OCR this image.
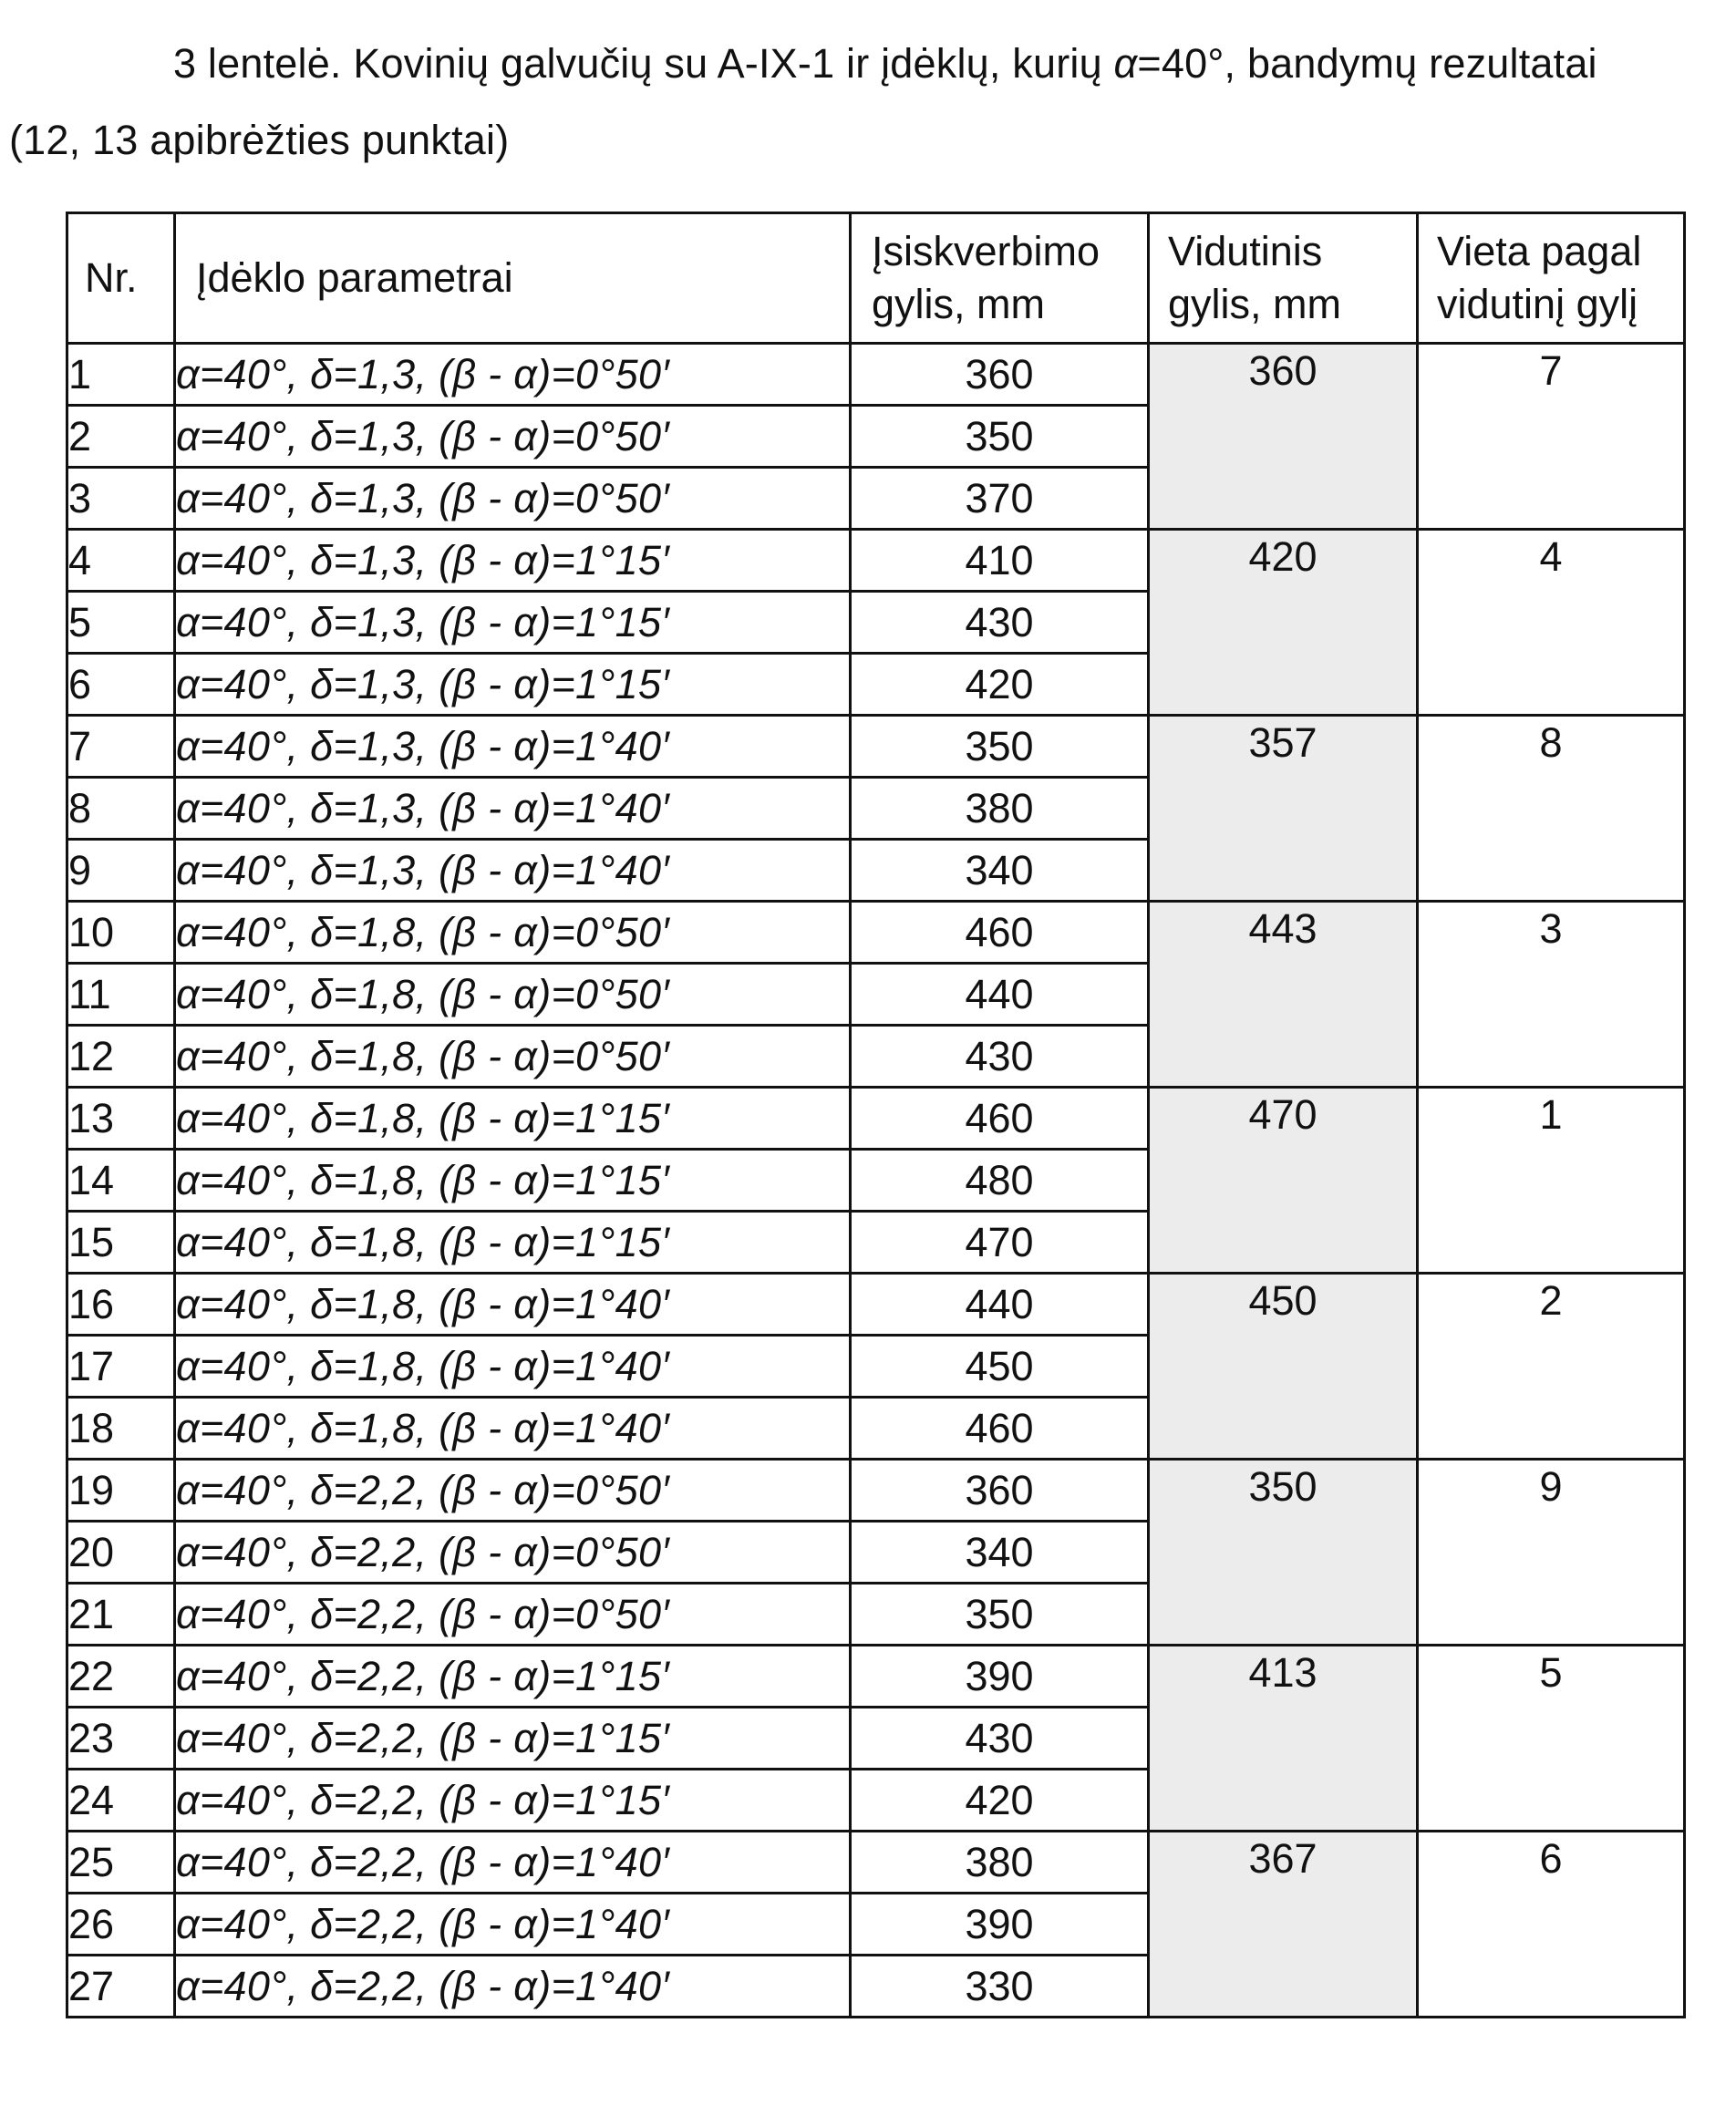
3 lentelė. Kovinių galvučių su A-IX-1 ir įdėklų, kurių α=40°, bandymų rezultatai
(12, 13 apibrėžties punktai)
Nr.	Įdėklo parametrai	Įsiskverbimo
gylis, mm	Vidutinis
gylis, mm	Vieta pagal
vidutinį gylį
1	α=40°, δ=1,3, (β - α)=0°50′	360	360	7

2	α=40°, δ=1,3, (β - α)=0°50′	350
3	α=40°, δ=1,3, (β - α)=0°50′	370
4	α=40°, δ=1,3, (β - α)=1°15′	410	420	4

5	α=40°, δ=1,3, (β - α)=1°15′	430
6	α=40°, δ=1,3, (β - α)=1°15′	420
7	α=40°, δ=1,3, (β - α)=1°40′	350	357	8

8	α=40°, δ=1,3, (β - α)=1°40′	380
9	α=40°, δ=1,3, (β - α)=1°40′	340
10	α=40°, δ=1,8, (β - α)=0°50′	460	443	3

11	α=40°, δ=1,8, (β - α)=0°50′	440
12	α=40°, δ=1,8, (β - α)=0°50′	430
13	α=40°, δ=1,8, (β - α)=1°15′	460	470	1

14	α=40°, δ=1,8, (β - α)=1°15′	480
15	α=40°, δ=1,8, (β - α)=1°15′	470
16	α=40°, δ=1,8, (β - α)=1°40′	440	450	2

17	α=40°, δ=1,8, (β - α)=1°40′	450
18	α=40°, δ=1,8, (β - α)=1°40′	460
19	α=40°, δ=2,2, (β - α)=0°50′	360	350	9

20	α=40°, δ=2,2, (β - α)=0°50′	340
21	α=40°, δ=2,2, (β - α)=0°50′	350
22	α=40°, δ=2,2, (β - α)=1°15′	390	413	5

23	α=40°, δ=2,2, (β - α)=1°15′	430
24	α=40°, δ=2,2, (β - α)=1°15′	420
25	α=40°, δ=2,2, (β - α)=1°40′	380	367	6

26	α=40°, δ=2,2, (β - α)=1°40′	390
27	α=40°, δ=2,2, (β - α)=1°40′	330
